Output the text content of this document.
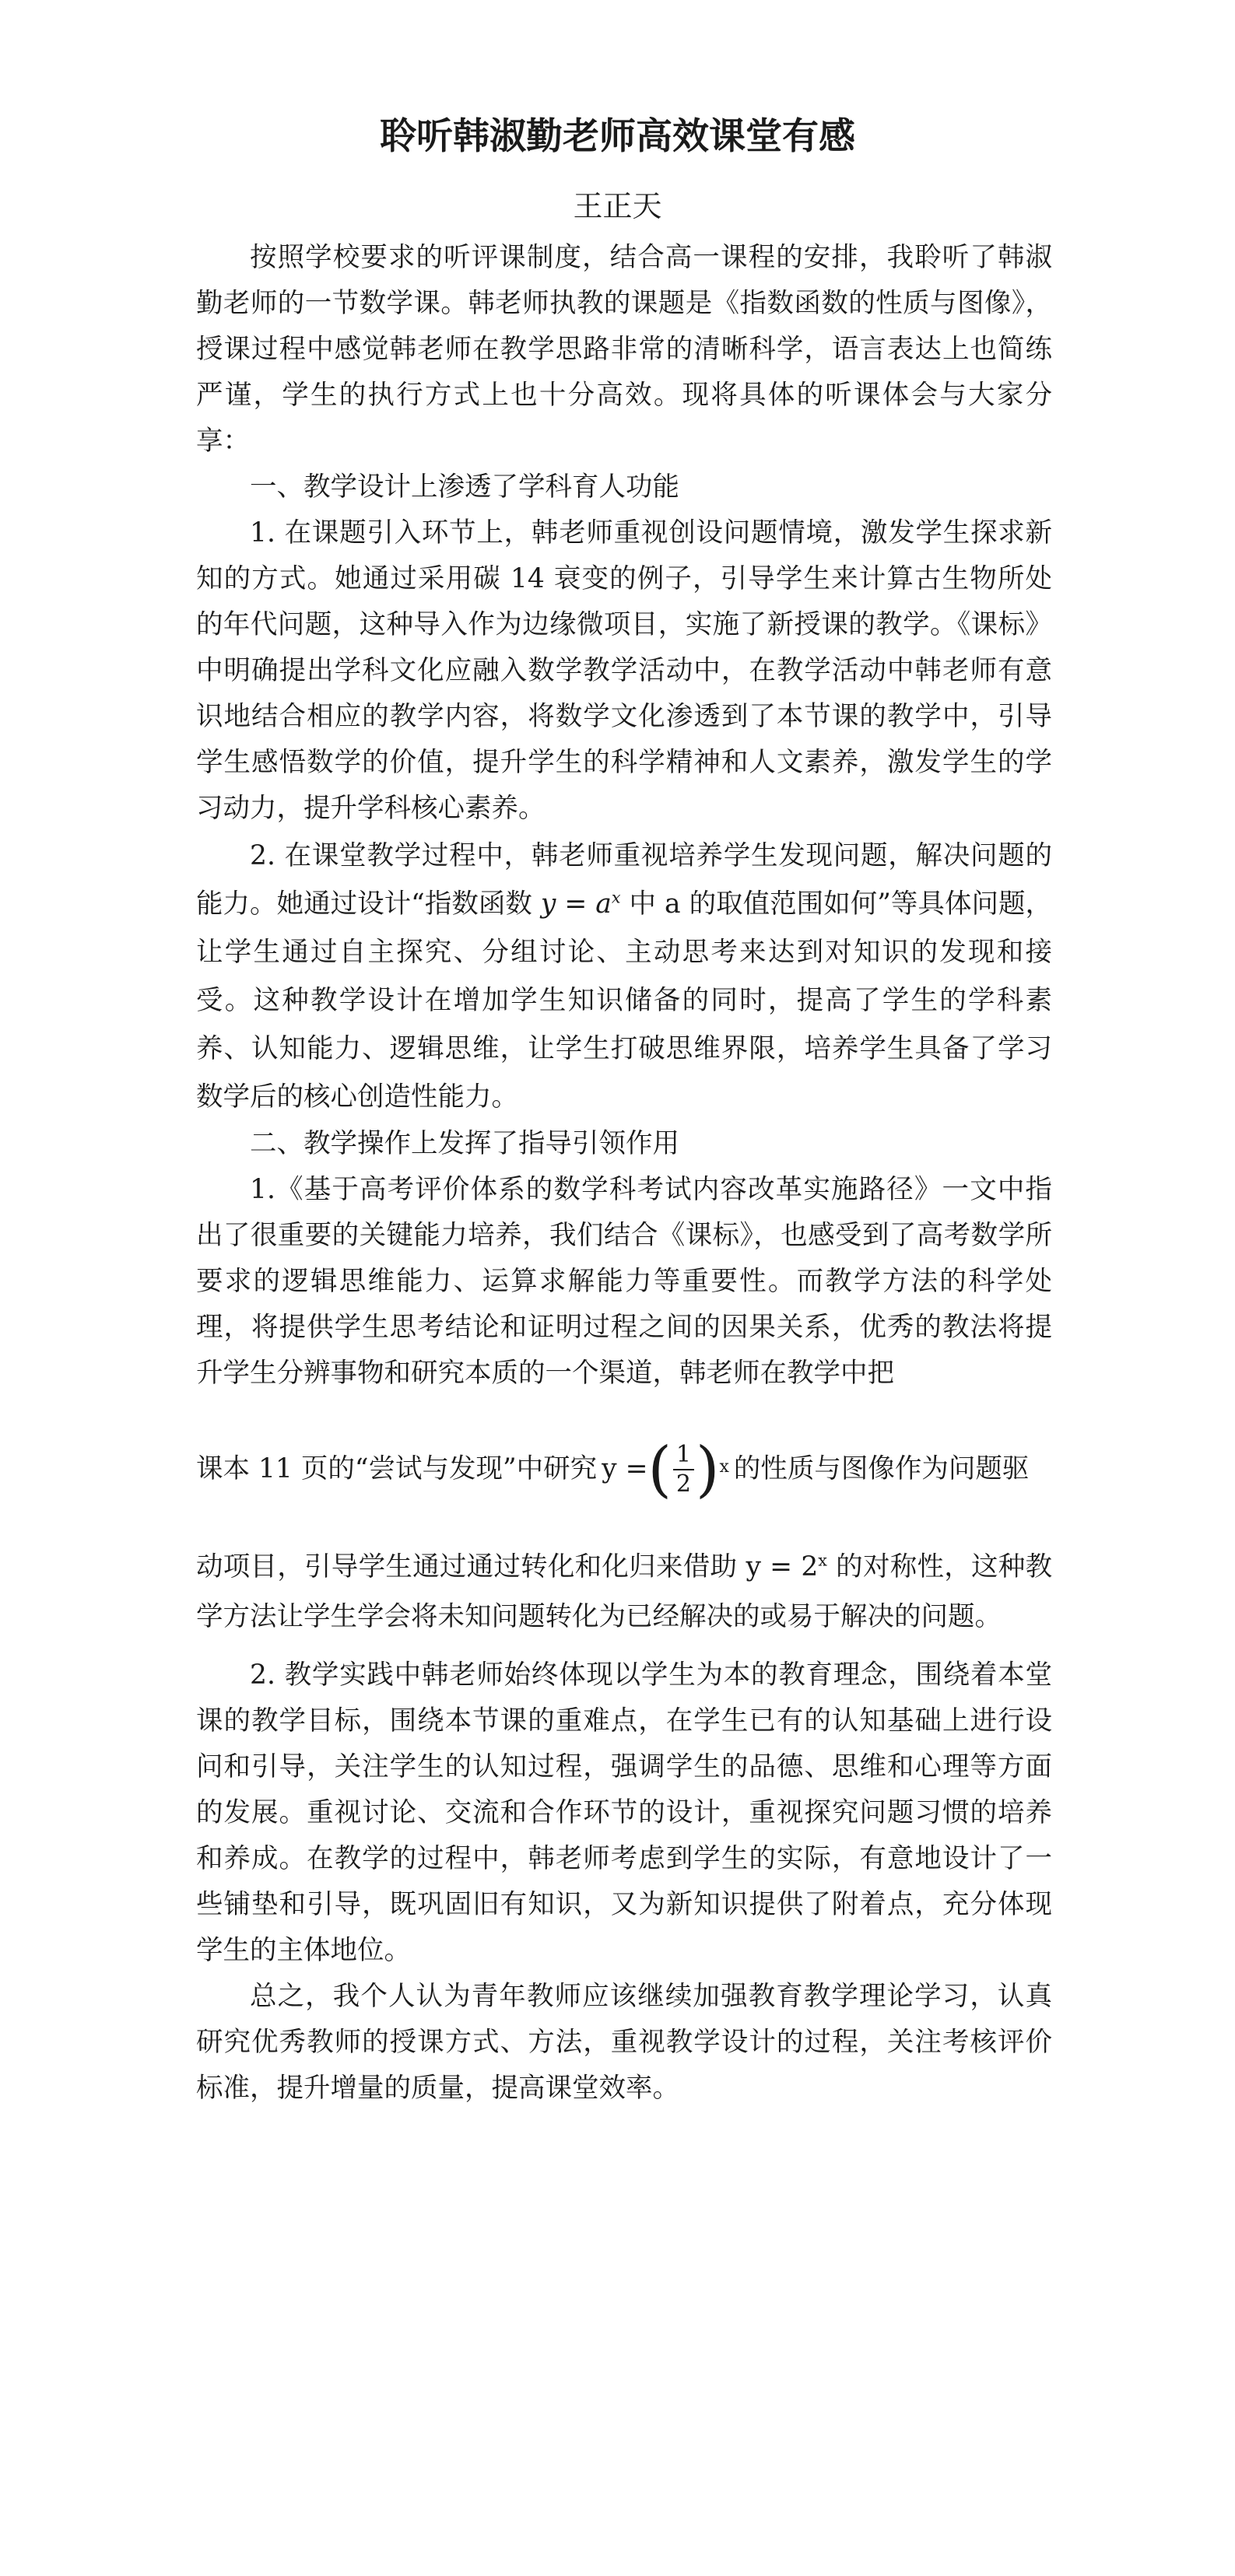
聆听韩淑勤老师高效课堂有感
王正天

按照学校要求的听评课制度，结合高一课程的安排，我聆听了韩淑勤老师的一节数学课。韩老师执教的课题是《指数函数的性质与图像》，授课过程中感觉韩老师在教学思路非常的清晰科学，语言表达上也简练严谨，学生的执行方式上也十分高效。现将具体的听课体会与大家分享：

一、教学设计上渗透了学科育人功能

1. 在课题引入环节上，韩老师重视创设问题情境，激发学生探求新知的方式。她通过采用碳 14 衰变的例子，引导学生来计算古生物所处的年代问题，这种导入作为边缘微项目，实施了新授课的教学。《课标》中明确提出学科文化应融入数学教学活动中，在教学活动中韩老师有意识地结合相应的教学内容，将数学文化渗透到了本节课的教学中，引导学生感悟数学的价值，提升学生的科学精神和人文素养，激发学生的学习动力，提升学科核心素养。

2. 在课堂教学过程中，韩老师重视培养学生发现问题，解决问题的能力。她通过设计“指数函数 $y = a^x$ 中 a 的取值范围如何”等具体问题，让学生通过自主探究、分组讨论、主动思考来达到对知识的发现和接受。这种教学设计在增加学生知识储备的同时，提高了学生的学科素养、认知能力、逻辑思维，让学生打破思维界限，培养学生具备了学习数学后的核心创造性能力。

二、教学操作上发挥了指导引领作用

1.《基于高考评价体系的数学科考试内容改革实施路径》一文中指出了很重要的关键能力培养，我们结合《课标》，也感受到了高考数学所要求的逻辑思维能力、运算求解能力等重要性。而教学方法的科学处理，将提供学生思考结论和证明过程之间的因果关系，优秀的教法将提升学生分辨事物和研究本质的一个渠道，韩老师在教学中把

课本 11 页的“尝试与发现”中研究 y = ( $\frac{1}{2}$ ) x 的性质与图像作为问题驱

动项目，引导学生通过通过转化和化归来借助 $y = 2^x$ 的对称性，这种教学方法让学生学会将未知问题转化为已经解决的或易于解决的问题。

2. 教学实践中韩老师始终体现以学生为本的教育理念，围绕着本堂课的教学目标，围绕本节课的重难点，在学生已有的认知基础上进行设问和引导，关注学生的认知过程，强调学生的品德、思维和心理等方面的发展。重视讨论、交流和合作环节的设计，重视探究问题习惯的培养和养成。在教学的过程中，韩老师考虑到学生的实际，有意地设计了一些铺垫和引导，既巩固旧有知识，又为新知识提供了附着点，充分体现学生的主体地位。

总之，我个人认为青年教师应该继续加强教育教学理论学习，认真研究优秀教师的授课方式、方法，重视教学设计的过程，关注考核评价标准，提升增量的质量，提高课堂效率。
